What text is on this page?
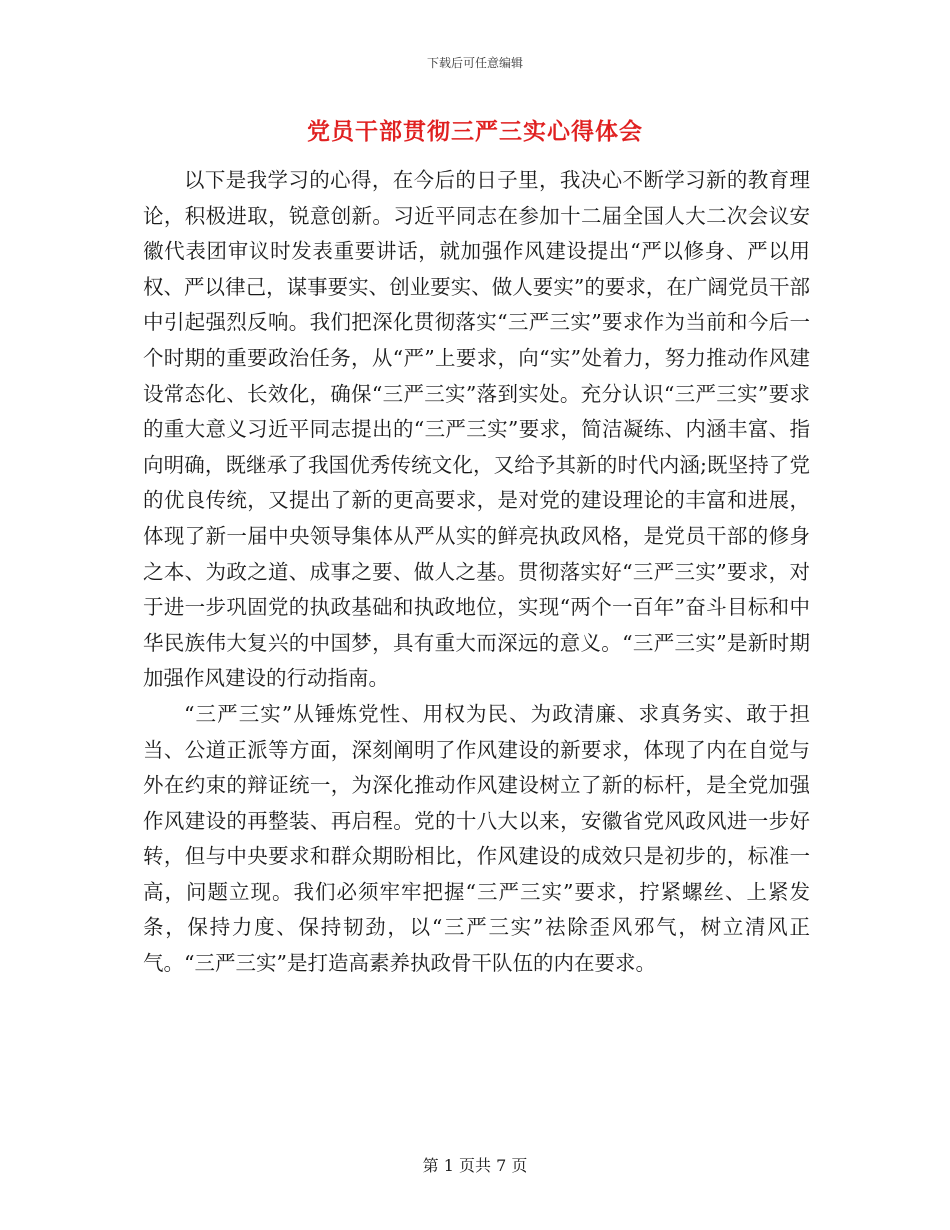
下载后可任意编辑
党员干部贯彻三严三实心得体会

以下是我学习的心得，在今后的日子里，我决心不断学习新的教育理论，积极进取，锐意创新。习近平同志在参加十二届全国人大二次会议安徽代表团审议时发表重要讲话，就加强作风建设提出“严以修身、严以用权、严以律己，谋事要实、创业要实、做人要实”的要求，在广阔党员干部中引起强烈反响。我们把深化贯彻落实“三严三实”要求作为当前和今后一个时期的重要政治任务，从“严”上要求，向“实”处着力，努力推动作风建设常态化、长效化，确保“三严三实”落到实处。充分认识“三严三实”要求的重大意义习近平同志提出的“三严三实”要求，简洁凝练、内涵丰富、指向明确，既继承了我国优秀传统文化，又给予其新的时代内涵;既坚持了党的优良传统，又提出了新的更高要求，是对党的建设理论的丰富和进展，体现了新一届中央领导集体从严从实的鲜亮执政风格，是党员干部的修身之本、为政之道、成事之要、做人之基。贯彻落实好“三严三实”要求，对于进一步巩固党的执政基础和执政地位，实现“两个一百年”奋斗目标和中华民族伟大复兴的中国梦，具有重大而深远的意义。“三严三实”是新时期加强作风建设的行动指南。

“三严三实”从锤炼党性、用权为民、为政清廉、求真务实、敢于担当、公道正派等方面，深刻阐明了作风建设的新要求，体现了内在自觉与外在约束的辩证统一，为深化推动作风建设树立了新的标杆，是全党加强作风建设的再整装、再启程。党的十八大以来，安徽省党风政风进一步好转，但与中央要求和群众期盼相比，作风建设的成效只是初步的，标准一高，问题立现。我们必须牢牢把握“三严三实”要求，拧紧螺丝、上紧发条，保持力度、保持韧劲，以“三严三实”祛除歪风邪气，树立清风正气。“三严三实”是打造高素养执政骨干队伍的内在要求。

第 1 页共 7 页
